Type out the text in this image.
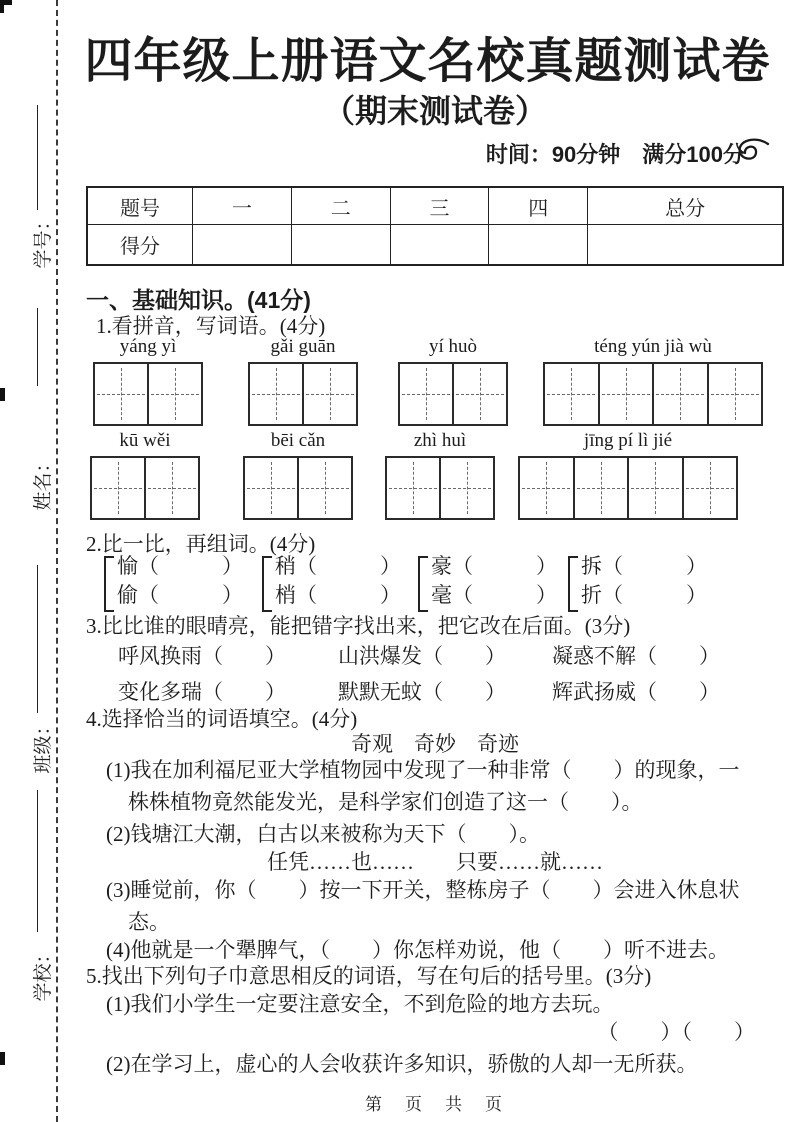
学号：
姓名：
班级：
学校：
四年级上册语文名校真题测试卷
（期末测试卷）
时间：90分钟　满分100分
题号	一	二	三	四	总分
得分					
一、基础知识。(41分)
1.看拼音，写词语。(4分)
yáng yì	gǎi guān	yí huò	téng yún jià wù
kū wěi	bēi cǎn	zhì huì	jīng pí lì jié
2.比一比，再组词。(4分)
愉（　　　）
偷（　　　）
稍（　　　）
梢（　　　）
豪（　　　）
毫（　　　）
拆（　　　）
折（　　　）
3.比比谁的眼晴亮，能把错字找出来，把它改在后面。(3分)
呼风换雨（　　） 山洪爆发（　　） 凝惑不解（　　）
变化多瑞（　　） 默默无蚊（　　） 辉武扬威（　　）
4.选择恰当的词语填空。(4分)
奇观　奇妙　奇迹
(1)我在加利福尼亚大学植物园中发现了一种非常（　　）的现象，一
株株植物竟然能发光，是科学家们创造了这一（　　）。
(2)钱塘江大潮，白古以来被称为天下（　　）。
任凭……也……　　只要……就……
(3)睡觉前，你（　　）按一下开关，整栋房子（　　）会进入休息状
态。
(4)他就是一个犟脾气，（　　）你怎样劝说，他（　　）听不进去。
5.找出下列句子巾意思相反的词语，写在句后的括号里。(3分)
(1)我们小学生一定要注意安全，不到危险的地方去玩。
（　　）（　　）
(2)在学习上，虚心的人会收获许多知识，骄傲的人却一无所获。
第　页　共　页
